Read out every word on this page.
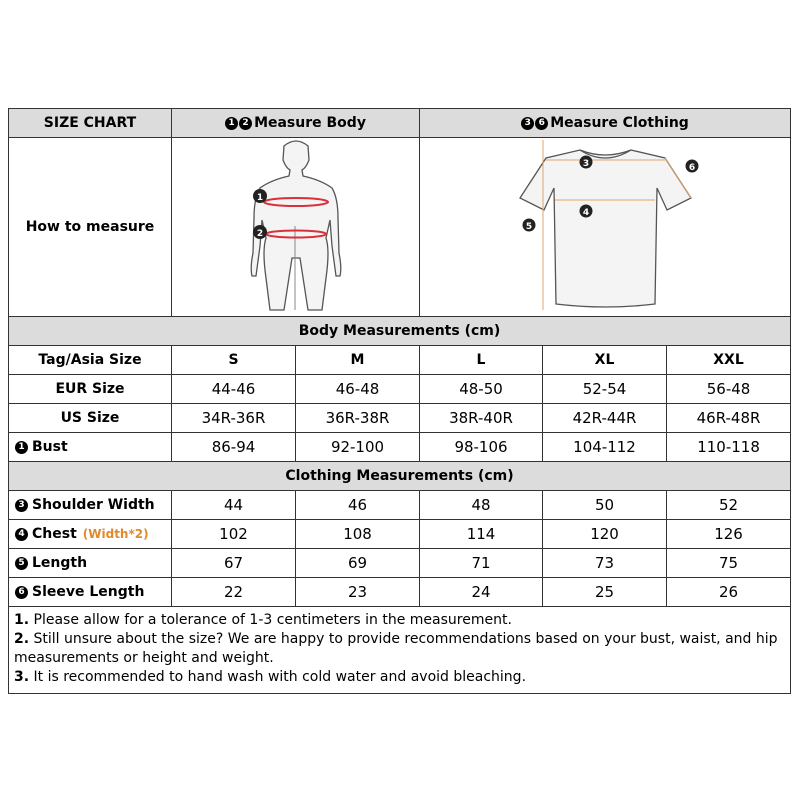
SIZE CHART	1 2 Measure Body		3 6 Measure Clothing		
How to measure	1
2		3
4
5
6		

Body Measurements (cm)					
Tag/Asia Size	S	M	L	XL	XXL
EUR Size	44-46	46-48	48-50	52-54	56-48
US Size	34R-36R	36R-38R	38R-40R	42R-44R	46R-48R
1 Bust	86-94	92-100	98-106	104-112	110-118
Clothing Measurements (cm)					
3 Shoulder Width	44	46	48	50	52
4 Chest (Width*2)	102	108	114	120	126
5 Length	67	69	71	73	75
6 Sleeve Length	22	23	24	25	26

1. Please allow for a tolerance of 1-3 centimeters in the measurement.
2. Still unsure about the size? We are happy to provide recommendations based on your bust, waist, and hip measurements or height and weight.
3. It is recommended to hand wash with cold water and avoid bleaching.					
